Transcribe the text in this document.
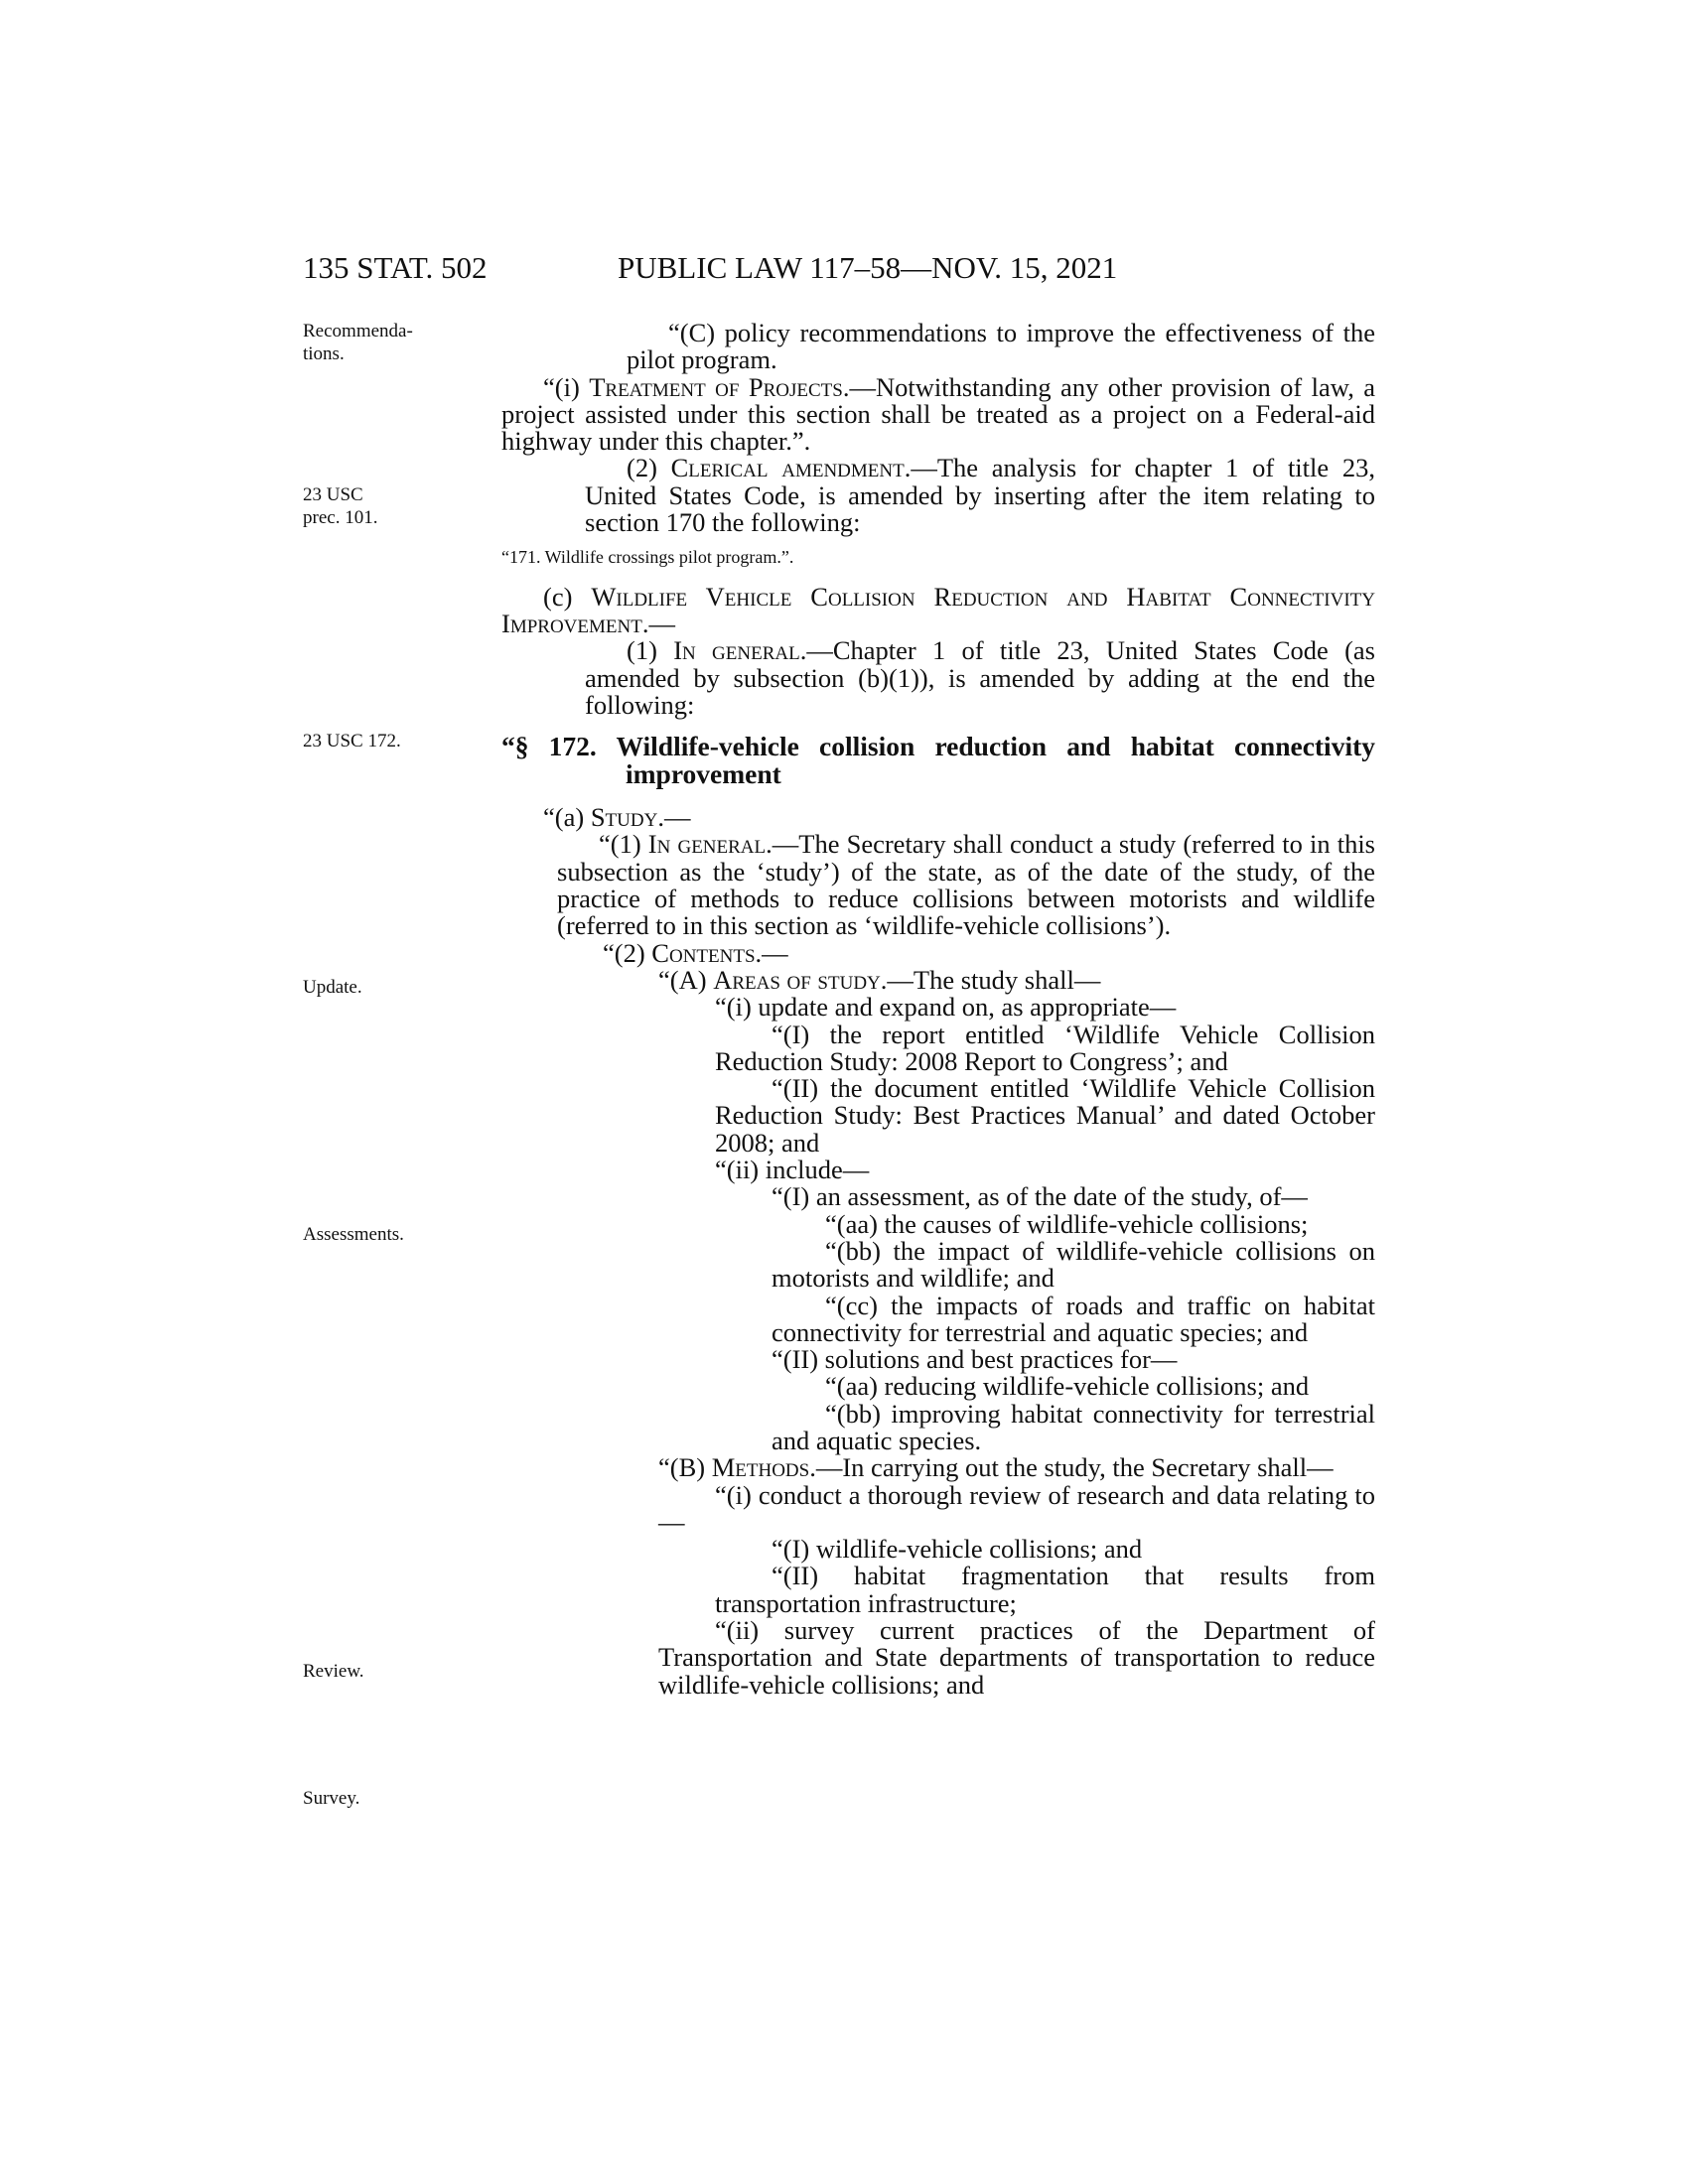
135 STAT. 502	PUBLIC LAW 117–58—NOV. 15, 2021
Recommenda-
tions.
23 USC
prec. 101.
23 USC 172.
Update.
Assessments.
Review.
Survey.

“(C) policy recommendations to improve the effectiveness of the pilot program.

“(i) Treatment of Projects.—Notwithstanding any other provision of law, a project assisted under this section shall be treated as a project on a Federal-aid highway under this chapter.”.

(2) Clerical amendment.—The analysis for chapter 1 of title 23, United States Code, is amended by inserting after the item relating to section 170 the following:

“171. Wildlife crossings pilot program.”.

(c) Wildlife Vehicle Collision Reduction and Habitat Connectivity Improvement.—

(1) In general.—Chapter 1 of title 23, United States Code (as amended by subsection (b)(1)), is amended by adding at the end the following:

“§ 172. Wildlife-vehicle collision reduction and habitat connectivity improvement

“(a) Study.—

“(1) In general.—The Secretary shall conduct a study (referred to in this subsection as the ‘study’) of the state, as of the date of the study, of the practice of methods to reduce collisions between motorists and wildlife (referred to in this section as ‘wildlife-vehicle collisions’).

“(2) Contents.—

“(A) Areas of study.—The study shall—

“(i) update and expand on, as appropriate—

“(I) the report entitled ‘Wildlife Vehicle Collision Reduction Study: 2008 Report to Congress’; and

“(II) the document entitled ‘Wildlife Vehicle Collision Reduction Study: Best Practices Manual’ and dated October 2008; and

“(ii) include—

“(I) an assessment, as of the date of the study, of—

“(aa) the causes of wildlife-vehicle collisions;

“(bb) the impact of wildlife-vehicle collisions on motorists and wildlife; and

“(cc) the impacts of roads and traffic on habitat connectivity for terrestrial and aquatic species; and

“(II) solutions and best practices for—

“(aa) reducing wildlife-vehicle collisions; and

“(bb) improving habitat connectivity for terrestrial and aquatic species.

“(B) Methods.—In carrying out the study, the Secretary shall—

“(i) conduct a thorough review of research and data relating to—

“(I) wildlife-vehicle collisions; and

“(II) habitat fragmentation that results from transportation infrastructure;

“(ii) survey current practices of the Department of Transportation and State departments of transportation to reduce wildlife-vehicle collisions; and
